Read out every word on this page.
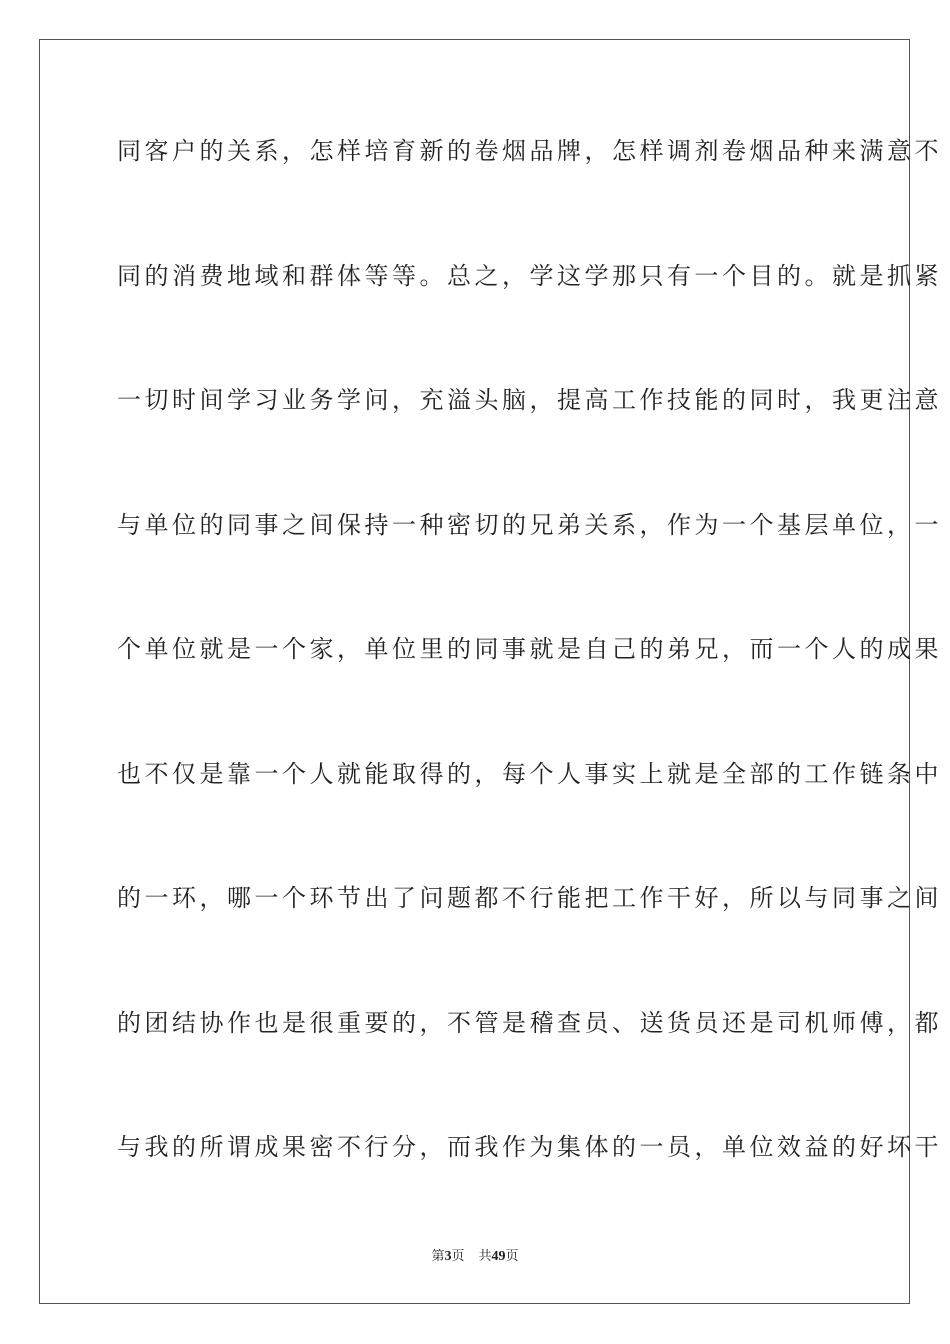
同客户的关系，怎样培育新的卷烟品牌，怎样调剂卷烟品种来满意不
同的消费地域和群体等等。总之，学这学那只有一个目的。就是抓紧
一切时间学习业务学问，充溢头脑，提高工作技能的同时，我更注意
与单位的同事之间保持一种密切的兄弟关系，作为一个基层单位，一
个单位就是一个家，单位里的同事就是自己的弟兄，而一个人的成果
也不仅是靠一个人就能取得的，每个人事实上就是全部的工作链条中
的一环，哪一个环节出了问题都不行能把工作干好，所以与同事之间
的团结协作也是很重要的，不管是稽查员、送货员还是司机师傅，都
与我的所谓成果密不行分，而我作为集体的一员，单位效益的好坏干
第3页 共49页
